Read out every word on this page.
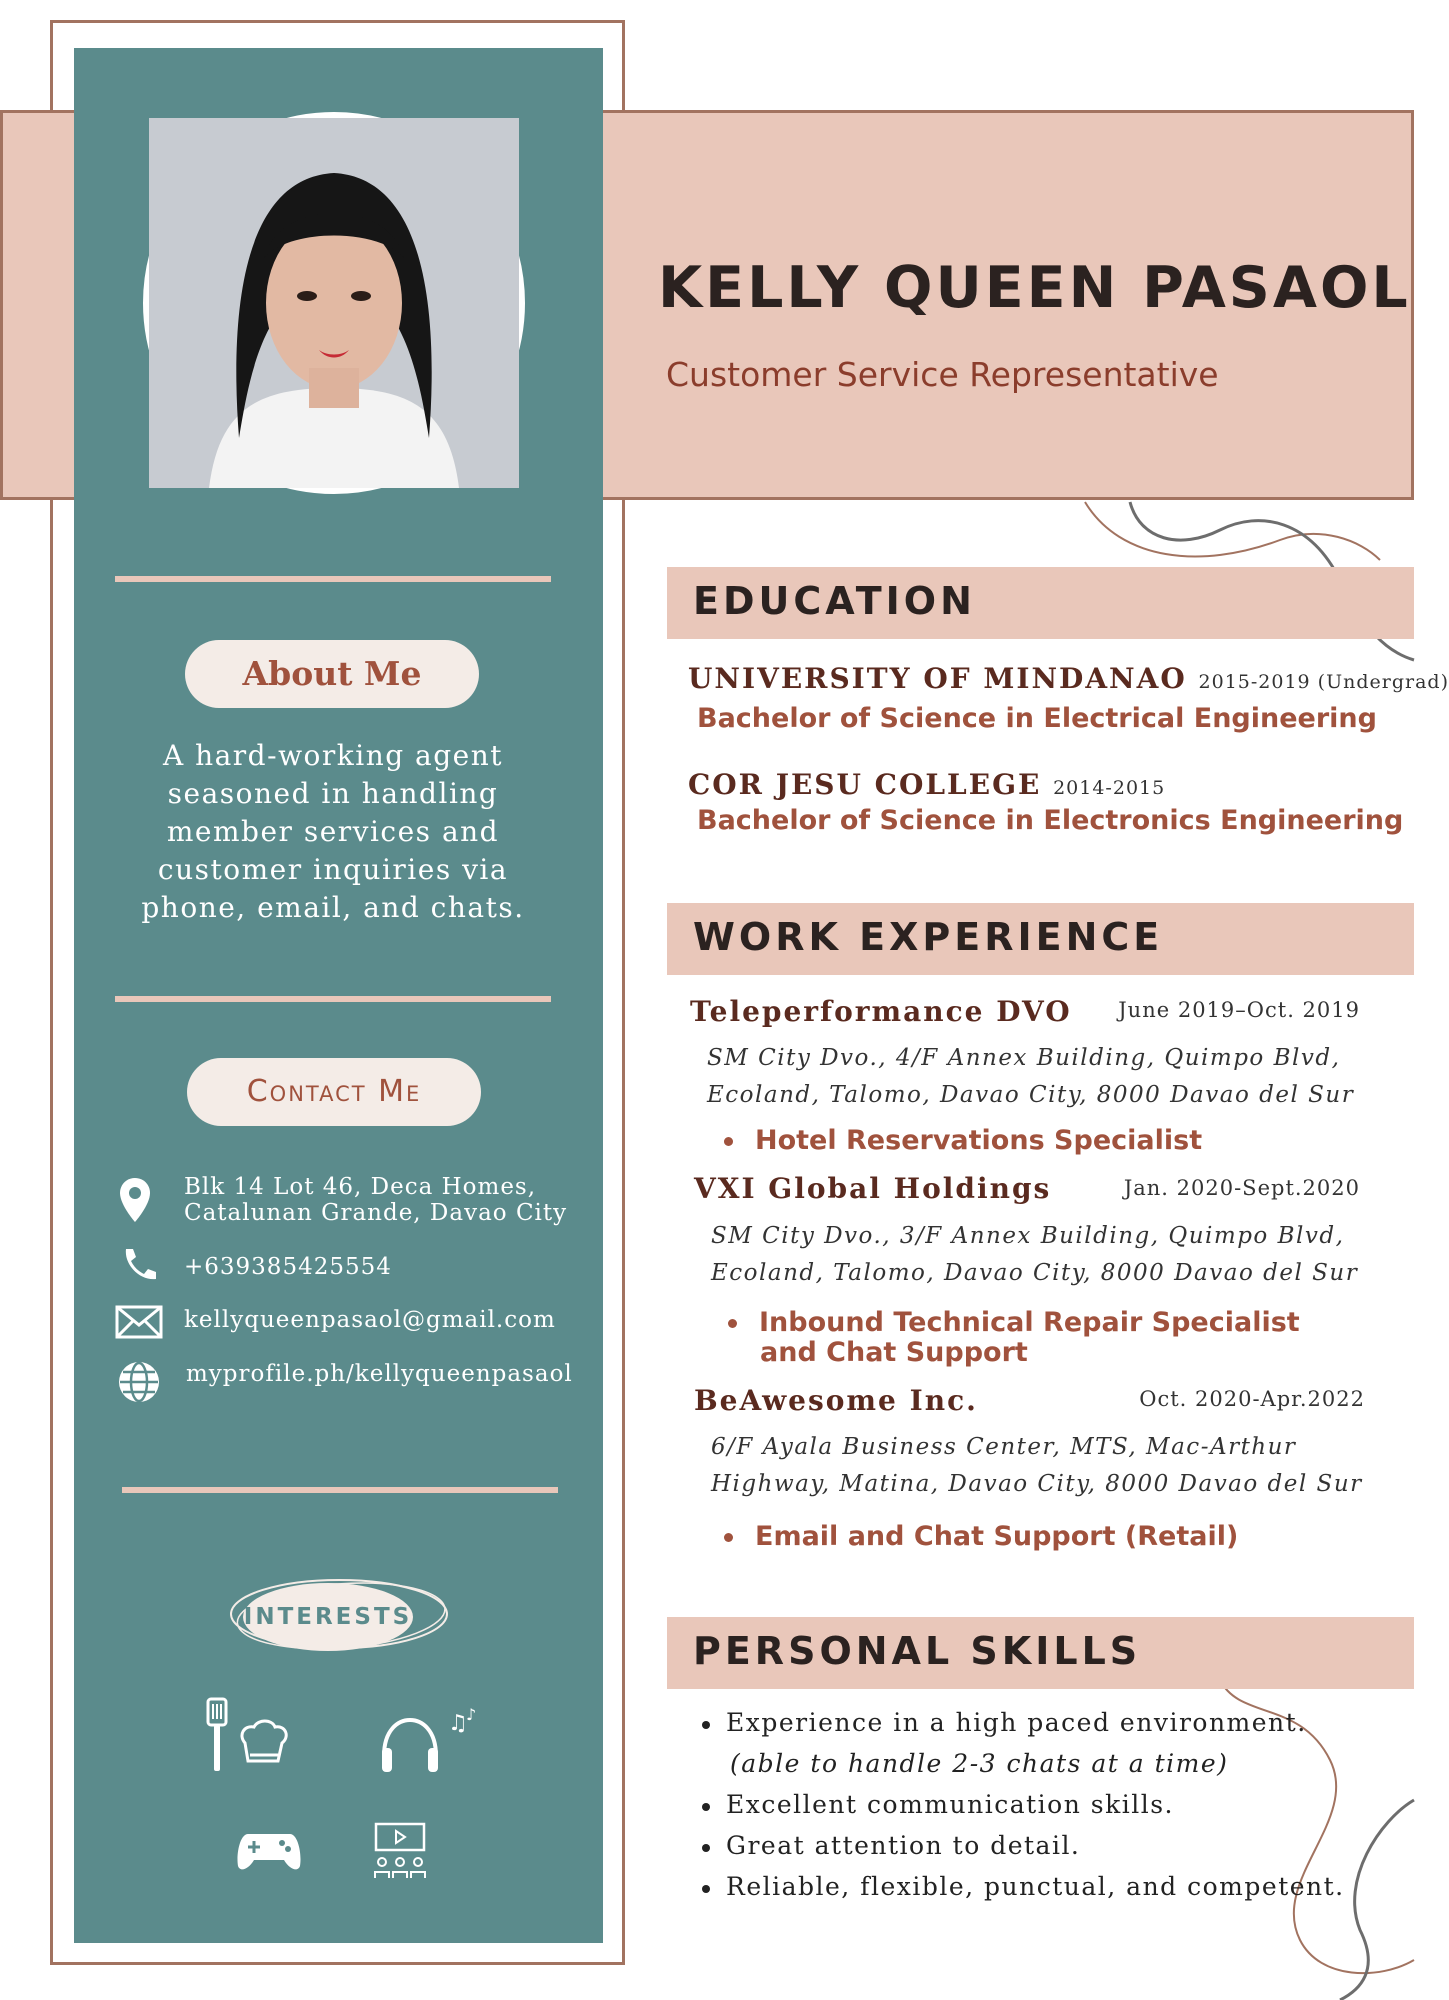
KELLY QUEEN PASAOL
Customer Service Representative
About Me
A hard-working agent seasoned in handling member services and customer inquiries via phone, email, and chats.
Contact Me
Blk 14 Lot 46, Deca Homes,
Catalunan Grande, Davao City
+639385425554
kellyqueenpasaol@gmail.com
myprofile.ph/kellyqueenpasaol
INTERESTS
♫
♪
EDUCATION
UNIVERSITY OF MINDANAO 2015-2019 (Undergrad)
Bachelor of Science in Electrical Engineering
COR JESU COLLEGE 2014-2015
Bachelor of Science in Electronics Engineering
WORK EXPERIENCE
Teleperformance DVO	June 2019–Oct. 2019
SM City Dvo., 4/F Annex Building, Quimpo Blvd,
Ecoland, Talomo, Davao City, 8000 Davao del Sur
Hotel Reservations Specialist
VXI Global Holdings	Jan. 2020-Sept.2020
SM City Dvo., 3/F Annex Building, Quimpo Blvd,
Ecoland, Talomo, Davao City, 8000 Davao del Sur
Inbound Technical Repair Specialist
and Chat Support
BeAwesome Inc.	Oct. 2020-Apr.2022
6/F Ayala Business Center, MTS, Mac-Arthur
Highway, Matina, Davao City, 8000 Davao del Sur
Email and Chat Support (Retail)
PERSONAL SKILLS
Experience in a high paced environment.
(able to handle 2-3 chats at a time)
Excellent communication skills.
Great attention to detail.
Reliable, flexible, punctual, and competent.
